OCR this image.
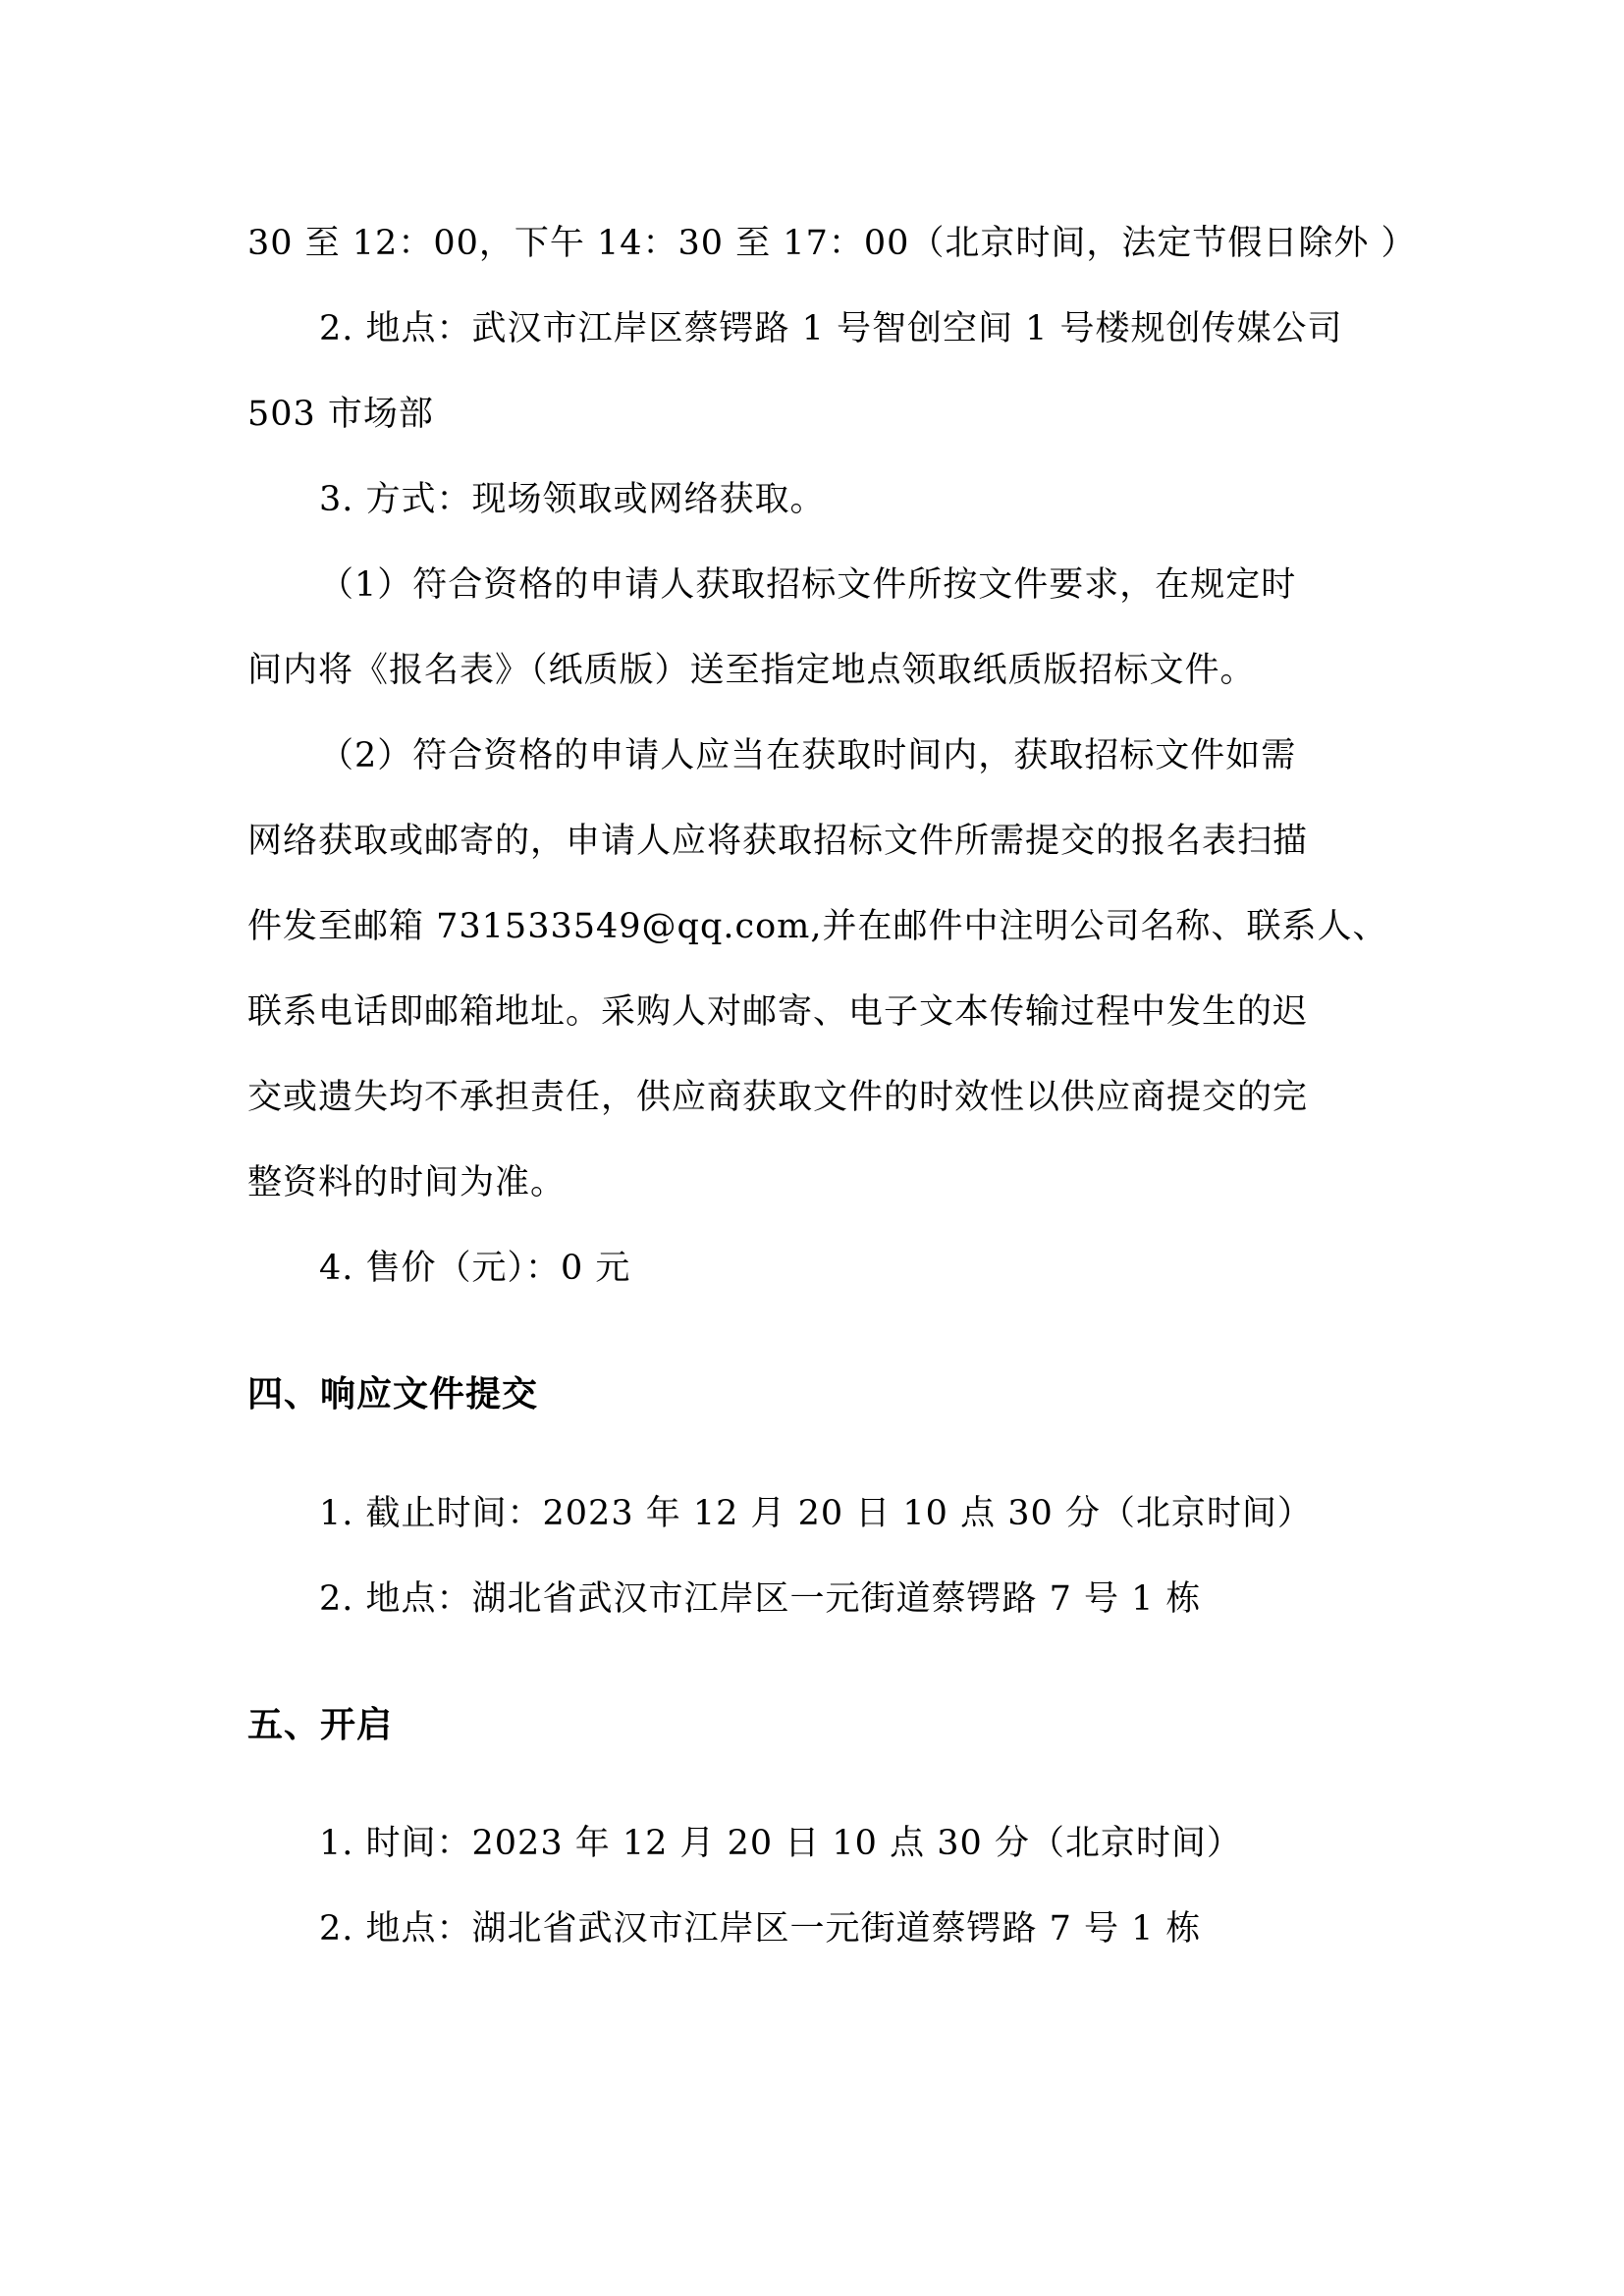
30 至 12：00，下午 14：30 至 17：00（北京时间，法定节假日除外 ）
2. 地点：武汉市江岸区蔡锷路 1 号智创空间 1 号楼规创传媒公司
503 市场部
3. 方式：现场领取或网络获取。
（1）符合资格的申请人获取招标文件所按文件要求，在规定时
间内将《报名表》（纸质版）送至指定地点领取纸质版招标文件。
（2）符合资格的申请人应当在获取时间内，获取招标文件如需
网络获取或邮寄的，申请人应将获取招标文件所需提交的报名表扫描
件发至邮箱 731533549@qq.com,并在邮件中注明公司名称、联系人、
联系电话即邮箱地址。采购人对邮寄、电子文本传输过程中发生的迟
交或遗失均不承担责任，供应商获取文件的时效性以供应商提交的完
整资料的时间为准。
4. 售价（元）：0 元
四、响应文件提交
1. 截止时间：2023 年 12 月 20 日 10 点 30 分（北京时间）
2. 地点：湖北省武汉市江岸区一元街道蔡锷路 7 号 1 栋
五、开启
1. 时间：2023 年 12 月 20 日 10 点 30 分（北京时间）
2. 地点：湖北省武汉市江岸区一元街道蔡锷路 7 号 1 栋
